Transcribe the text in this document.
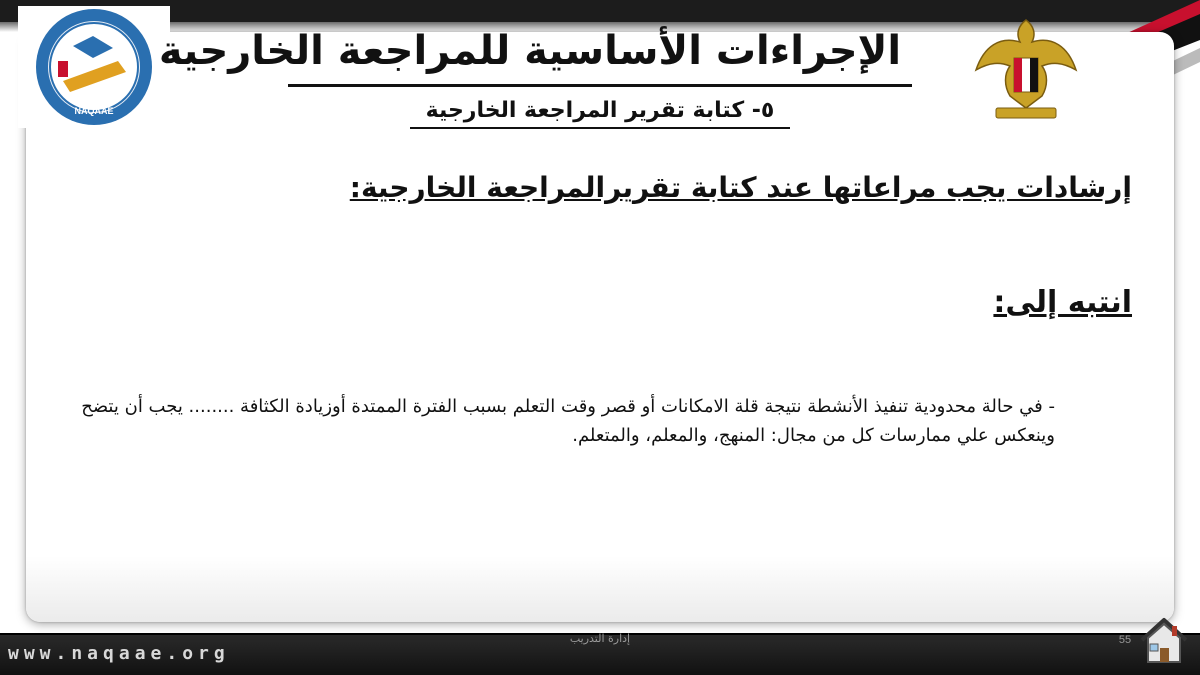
NAQAAE
الإجراءات الأساسية للمراجعة الخارجية
٥- كتابة تقرير المراجعة الخارجية
إرشادات يجب مراعاتها عند كتابة تقريرالمراجعة الخارجية:
انتبه إلى:
- في حالة محدودية تنفيذ الأنشطة نتيجة قلة الامكانات أو قصر وقت التعلم بسبب الفترة الممتدة أوزيادة الكثافة ........ يجب أن يتضح وينعكس علي ممارسات كل من مجال: المنهج، والمعلم، والمتعلم.
www.naqaae.org
إدارة التدريب	55
